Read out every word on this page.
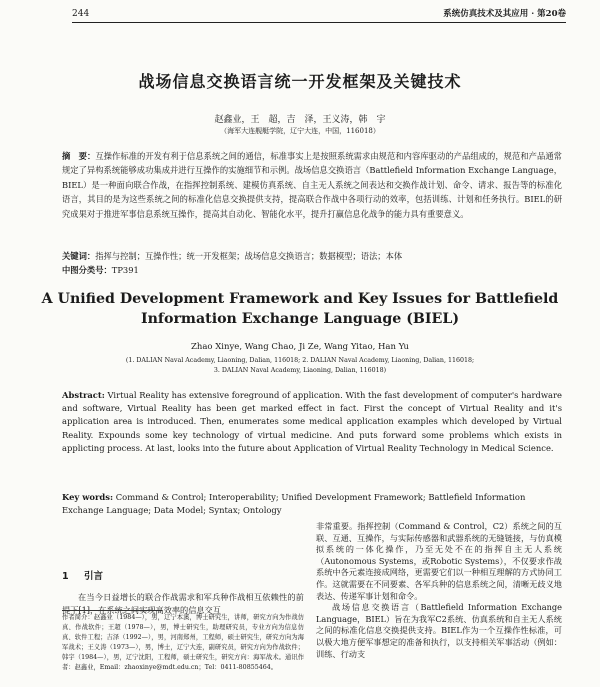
244	系统仿真技术及其应用 · 第20卷
战场信息交换语言统一开发框架及关键技术
赵鑫业，王　超，吉　泽，王义涛，韩　宇
（海军大连舰艇学院，辽宁大连，中国，116018）
摘　要：互操作标准的开发有利于信息系统之间的通信，标准事实上是按照系统需求由规范和内容库驱动的产品组成的，规范和产品通常规定了异构系统能够成功集成并进行互操作的实施细节和示例。战场信息交换语言（Battlefield Information Exchange Language，BIEL）是一种面向联合作战，在指挥控制系统、建模仿真系统、自主无人系统之间表达和交换作战计划、命令、请求、报告等的标准化语言，其目的是为这些系统之间的标准化信息交换提供支持，提高联合作战中各项行动的效率，包括训练、计划和任务执行。BIEL的研究成果对于推进军事信息系统互操作，提高其自动化、智能化水平，提升打赢信息化战争的能力具有重要意义。
关键词：指挥与控制；互操作性；统一开发框架；战场信息交换语言；数据模型；语法；本体
中图分类号：TP391
A Unified Development Framework and Key Issues for Battlefield
Information Exchange Language (BIEL)
Zhao Xinye, Wang Chao, Ji Ze, Wang Yitao, Han Yu
(1. DALIAN Naval Academy, Liaoning, Dalian, 116018; 2. DALIAN Naval Academy, Liaoning, Dalian, 116018;
3. DALIAN Naval Academy, Liaoning, Dalian, 116018)
Abstract: Virtual Reality has extensive foreground of application. With the fast development of computer's hardware and software, Virtual Reality has been get marked effect in fact. First the concept of Virtual Reality and it's application area is introduced. Then, enumerates some medical application examples which developed by Virtual Reality. Expounds some key technology of virtual medicine. And puts forward some problems which exists in applicting process. At last, looks into the future about Application of Virtual Reality Technology in Medical Science.
Key words: Command & Control; Interoperability; Unified Development Framework; Battlefield Information Exchange Language; Data Model; Syntax; Ontology
1 引言
在当今日益增长的联合作战需求和军兵种作战相互依赖性的前提下[1]，在系统之间实现高效率的信息交互
作者简介：赵鑫业（1984—），男，辽宁本溪，博士研究生，讲师，研究方向为作战仿真、作战软件；王超（1978—），男，博士研究生，助理研究员，专业方向为信息仿真、软件工程；吉泽（1992—），男，河南郑州，工程师，硕士研究生，研究方向为海军战术；王义涛（1973—），男，博士，辽宁大连，副研究员，研究方向为作战软件；韩宇（1984—），男，辽宁沈阳，工程师，硕士研究生，研究方向：海军战术。通讯作者：赵鑫业，Email：zhaoxinye@mdt.edu.cn；Tel：0411-80855464。

非常重要。指挥控制（Command & Control，C2）系统之间的互联、互通、互操作，与实际传感器和武器系统的无缝链接，与仿真模拟系统的一体化操作，乃至无处不在的指挥自主无人系统（Autonomous Systems，或Robotic Systems），不仅要求作战系统中各元素连接成网络，更需要它们以一种相互理解的方式协同工作。这就需要在不同要素、各军兵种的信息系统之间，清晰无歧义地表达、传递军事计划和命令。

战场信息交换语言（Battlefield Information Exchange Language，BIEL）旨在为我军C2系统、仿真系统和自主无人系统之间的标准化信息交换提供支持。BIEL作为一个互操作性标准，可以极大地方便军事想定的准备和执行，以支持相关军事活动（例如：训练、行动支
